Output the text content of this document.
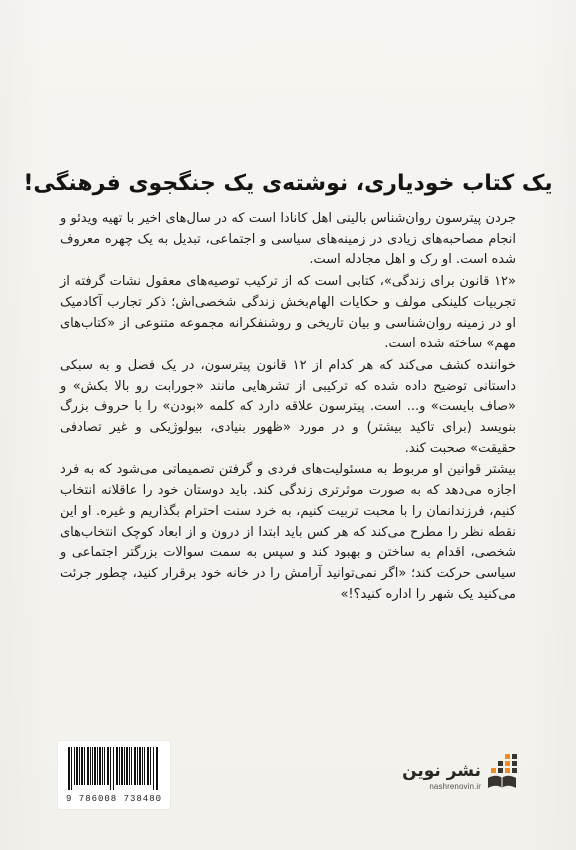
یک کتاب خودیاری، نوشته‌ی یک جنگجوی فرهنگی!

جردن پیترسون روان‌شناس بالینی اهل کانادا است که در سال‌های اخیر با تهیه ویدئو و انجام مصاحبه‌های زیادی در زمینه‌های سیاسی و اجتماعی، تبدیل به یک چهره معروف شده است. او رک و اهل مجادله است.

«۱۲ قانون برای زندگی»، کتابی است که از ترکیب توصیه‌های معقول نشات گرفته از تجربیات کلینکی مولف و حکایات الهام‌بخش زندگی شخصی‌اش؛ ذکر تجارب آکادمیک او در زمینه روان‌شناسی و بیان تاریخی و روشنفکرانه مجموعه متنوعی از «کتاب‌های مهم» ساخته شده است.

خواننده کشف می‌کند که هر کدام از ۱۲ قانون پیترسون، در یک فصل و به سبکی داستانی توضیح داده شده که ترکیبی از تشرهایی مانند «جورابت رو بالا بکش» و «صاف بایست» و... است. پیترسون علاقه دارد که کلمه «بودن» را با حروف بزرگ بنویسد (برای تاکید بیشتر) و در مورد «ظهور بنیادی، بیولوژیکی و غیر تصادفی حقیقت» صحبت کند.

بیشتر قوانین او مربوط به مسئولیت‌های فردی و گرفتن تصمیماتی می‌شود که به فرد اجازه می‌دهد که به صورت موثرتری زندگی کند. باید دوستان خود را عاقلانه انتخاب کنیم، فرزندانمان را با محبت تربیت کنیم، به خرد سنت احترام بگذاریم و غیره. او این نقطه نظر را مطرح می‌کند که هر کس باید ابتدا از درون و از ابعاد کوچک انتخاب‌های شخصی، اقدام به ساختن و بهبود کند و سپس به سمت سوالات بزرگتر اجتماعی و سیاسی حرکت کند؛ «اگر نمی‌توانید آرامش را در خانه خود برقرار کنید، چطور جرئت می‌کنید یک شهر را اداره کنید؟!»

9 786008 738480
نشر نوین
nashrenovin.ir
